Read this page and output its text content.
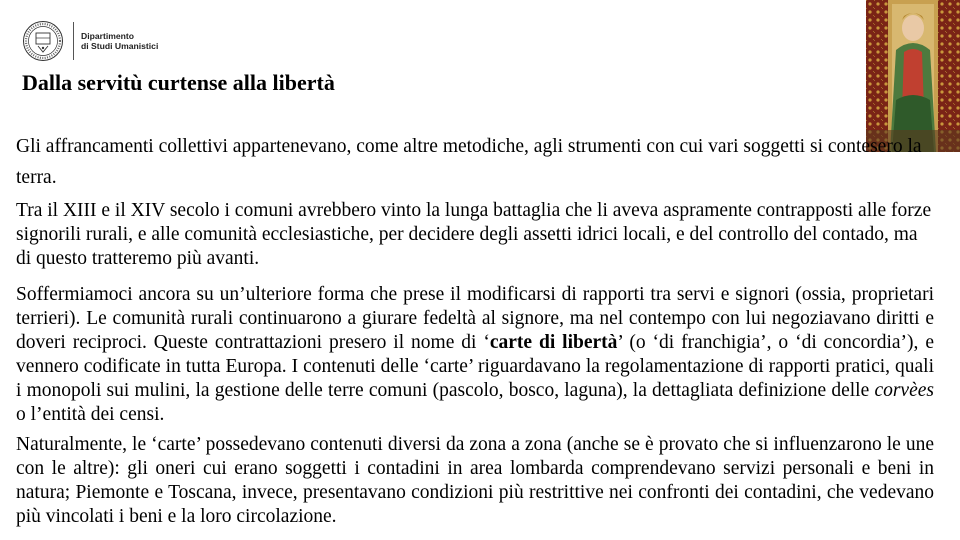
Dipartimento
di Studi Umanistici
Dalla servitù curtense alla libertà

Gli affrancamenti collettivi appartenevano, come altre metodiche, agli strumenti con cui vari soggetti si contesero la terra.

Tra il XIII e il XIV secolo i comuni avrebbero vinto la lunga battaglia che li aveva aspramente contrapposti alle forze signorili rurali, e alle comunità ecclesiastiche, per decidere degli assetti idrici locali, e del controllo del contado, ma di questo tratteremo più avanti.

Soffermiamoci ancora su un’ulteriore forma che prese il modificarsi di rapporti tra servi e signori (ossia, proprietari terrieri). Le comunità rurali continuarono a giurare fedeltà al signore, ma nel contempo con lui negoziavano diritti e doveri reciproci. Queste contrattazioni presero il nome di ‘carte di libertà’ (o ‘di franchigia’, o ‘di concordia’), e vennero codificate in tutta Europa. I contenuti delle ‘carte’ riguardavano la regolamentazione di rapporti pratici, quali i monopoli sui mulini, la gestione delle terre comuni (pascolo, bosco, laguna), la dettagliata definizione delle corvèes o l’entità dei censi.

Naturalmente, le ‘carte’ possedevano contenuti diversi da zona a zona (anche se è provato che si influenzarono le une con le altre): gli oneri cui erano soggetti i contadini in area lombarda comprendevano servizi personali e beni in natura; Piemonte e Toscana, invece, presentavano condizioni più restrittive nei confronti dei contadini, che vedevano più vincolati i beni e la loro circolazione.
